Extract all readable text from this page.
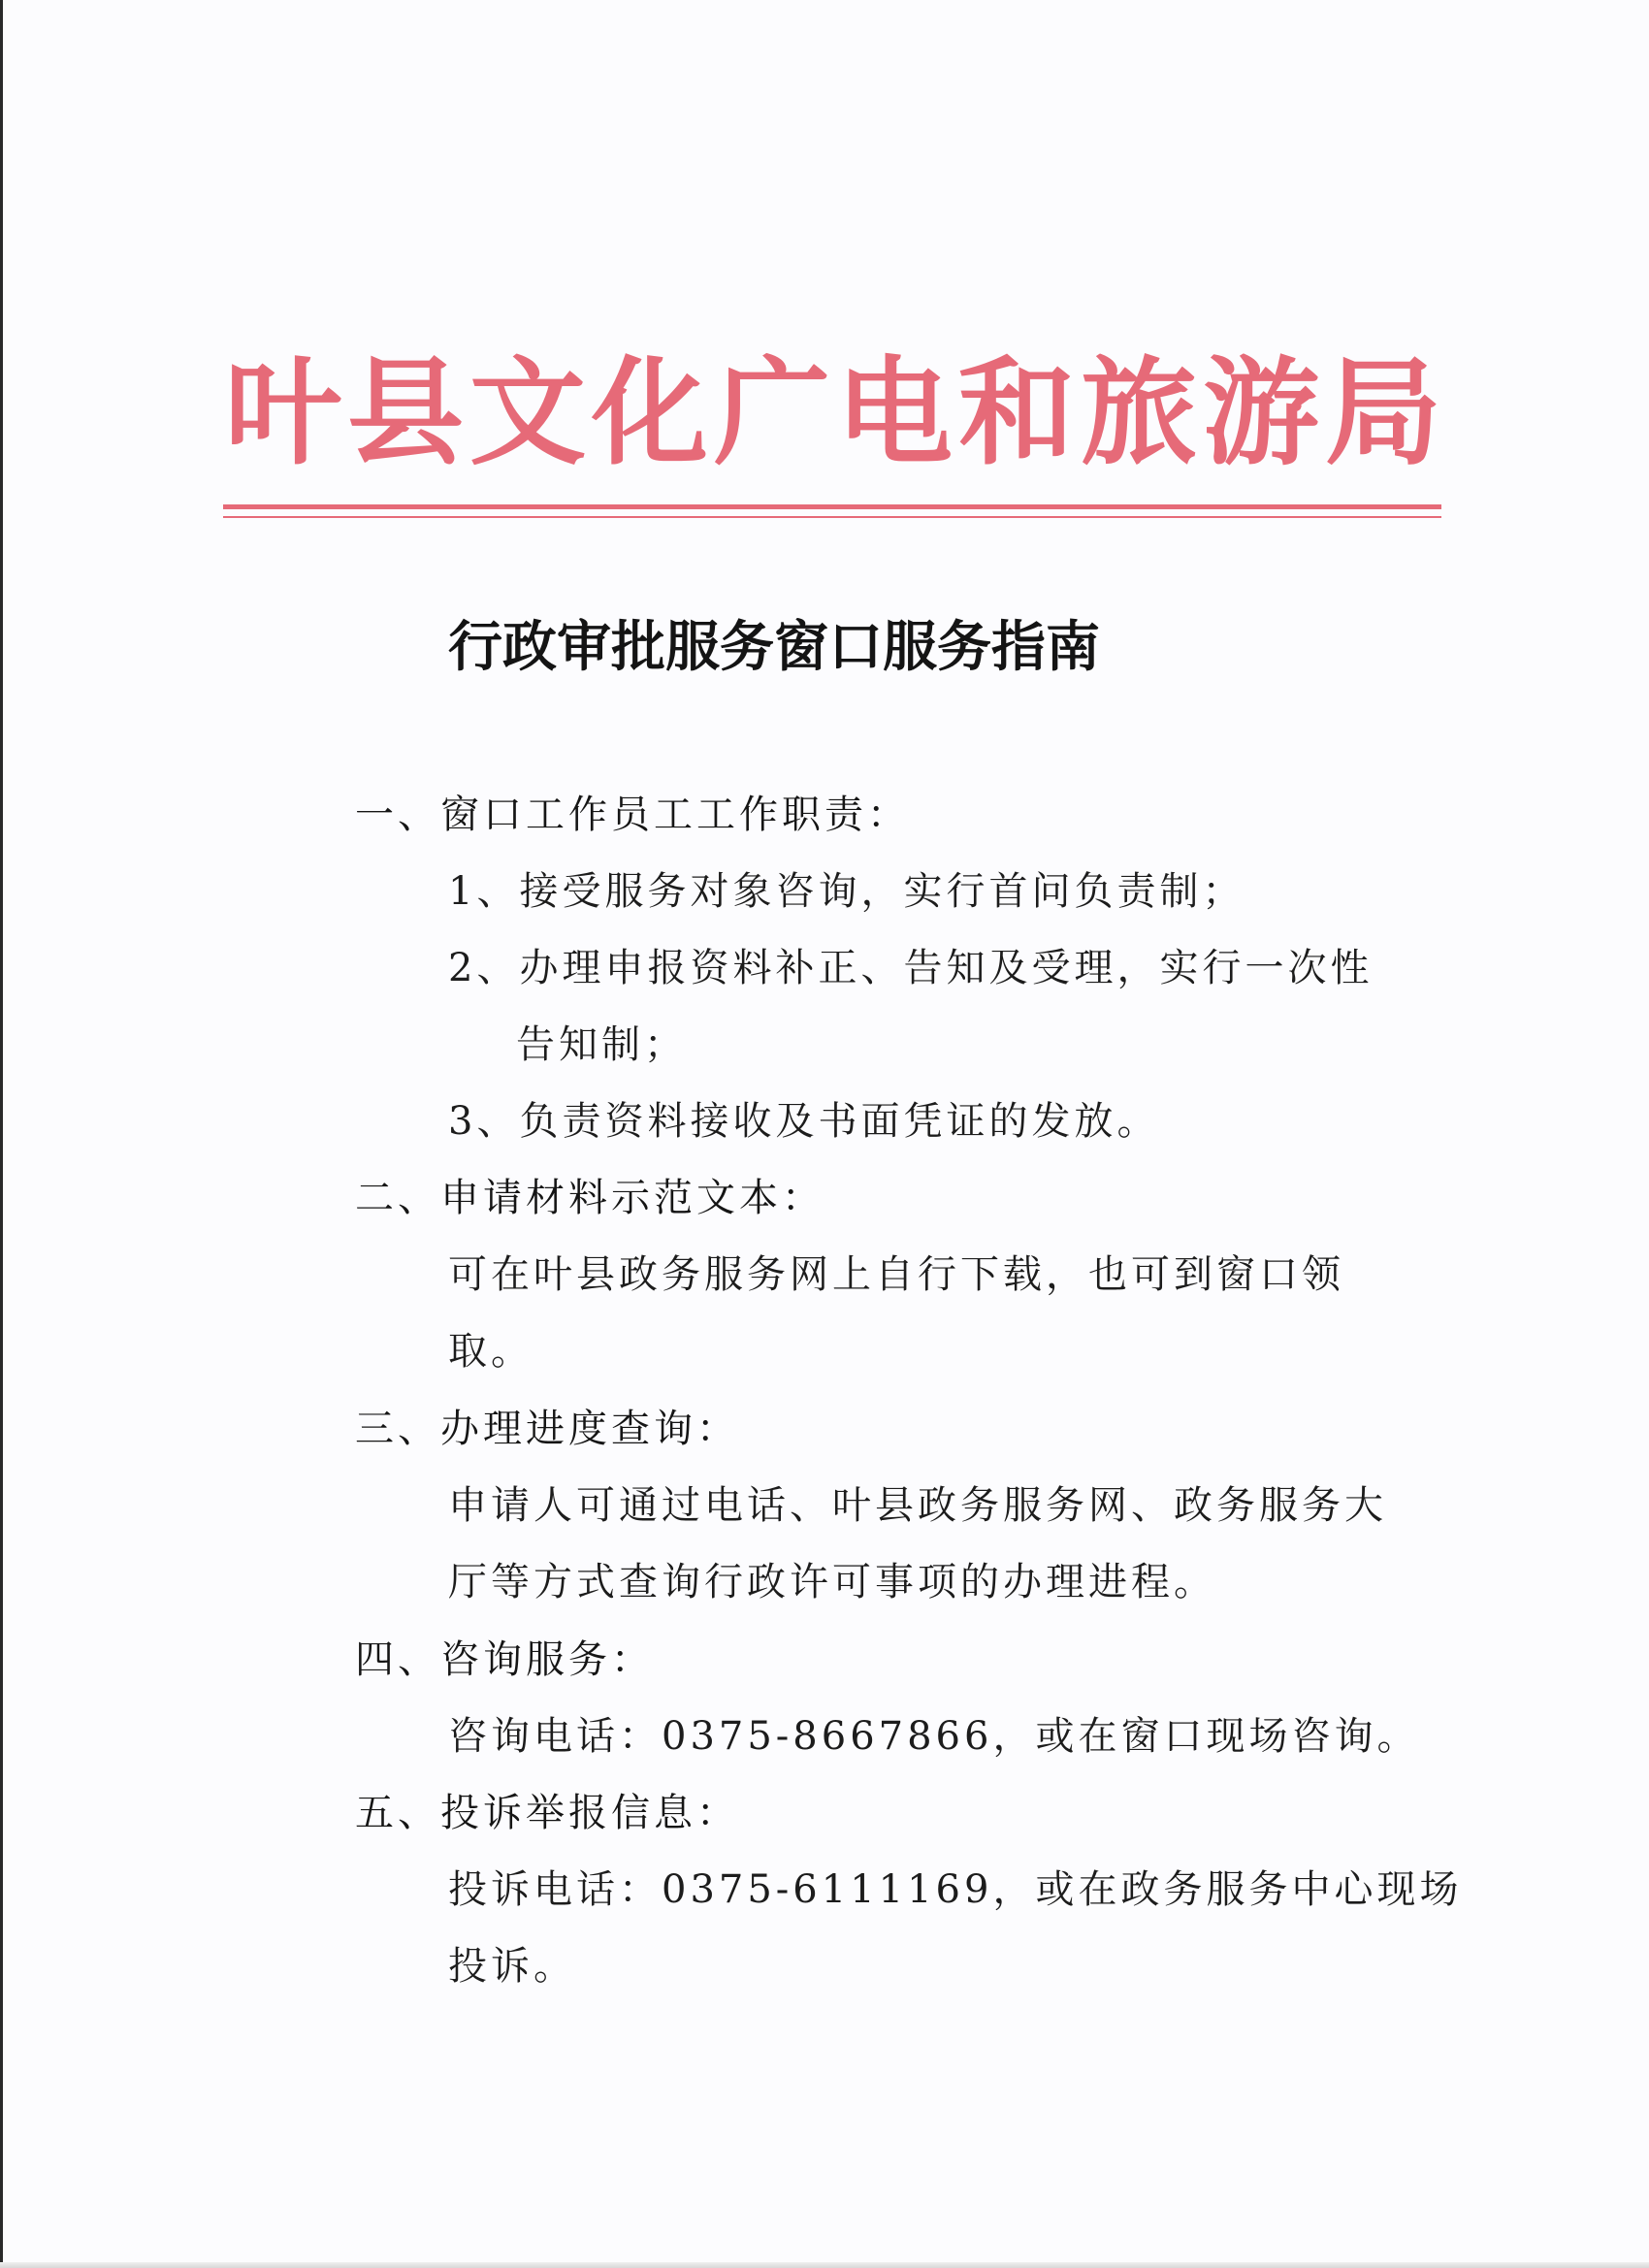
叶县文化广电和旅游局
行政审批服务窗口服务指南

一、窗口工作员工工作职责：

1、接受服务对象咨询，实行首问负责制；

2、办理申报资料补正、告知及受理，实行一次性

告知制；

3、负责资料接收及书面凭证的发放。

二、申请材料示范文本：

可在叶县政务服务网上自行下载，也可到窗口领

取。

三、办理进度查询：

申请人可通过电话、叶县政务服务网、政务服务大

厅等方式查询行政许可事项的办理进程。

四、咨询服务：

咨询电话：0375-8667866，或在窗口现场咨询。

五、投诉举报信息：

投诉电话：0375-6111169，或在政务服务中心现场

投诉。
